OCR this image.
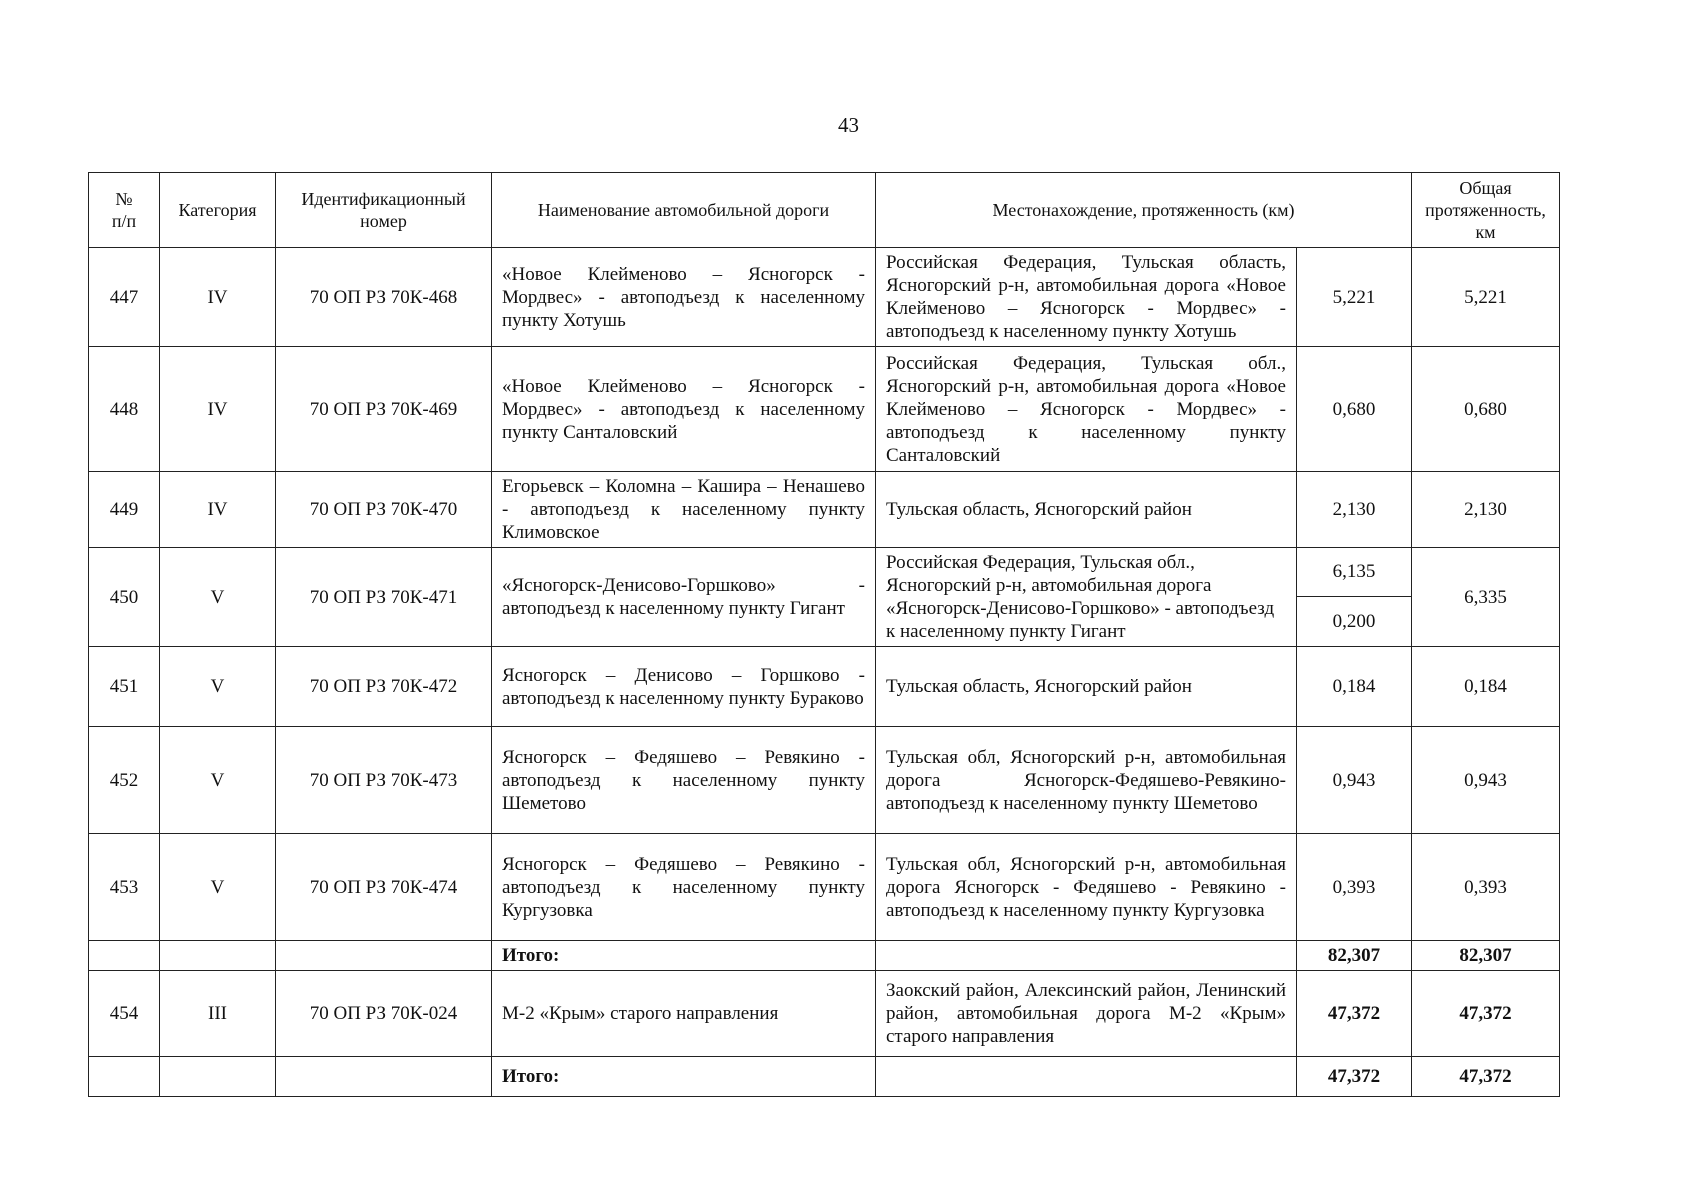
43
№
п/п	Категория	Идентификационный номер	Наименование автомобильной дороги	Местонахождение, протяженность (км)		Общая протяженность, км
447	IV	70 ОП РЗ 70К-468	«Новое Клейменово – Ясногорск - Мордвес» - автоподъезд к населенному пункту Хотушь	Российская Федерация, Тульская область, Ясногорский р-н, автомобильная дорога «Новое Клейменово – Ясногорск - Мордвес» - автоподъезд к населенному пункту Хотушь	5,221	5,221
448	IV	70 ОП РЗ 70К-469	«Новое Клейменово – Ясногорск - Мордвес» - автоподъезд к населенному пункту Санталовский	Российская Федерация, Тульская обл., Ясногорский р-н, автомобильная дорога «Новое Клейменово – Ясногорск - Мордвес» - автоподъезд к населенному пункту Санталовский	0,680	0,680
449	IV	70 ОП РЗ 70К-470	Егорьевск – Коломна – Кашира – Ненашево - автоподъезд к населенному пункту Климовское	Тульская область, Ясногорский район	2,130	2,130
450	V	70 ОП РЗ 70К-471	«Ясногорск-Денисово-Горшково» - автоподъезд к населенному пункту Гигант	Российская Федерация, Тульская обл., Ясногорский р-н, автомобильная дорога «Ясногорск-Денисово-Горшково» - автоподъезд к населенному пункту Гигант	6,135	6,335
					0,200	
451	V	70 ОП РЗ 70К-472	Ясногорск – Денисово – Горшково - автоподъезд к населенному пункту Бураково	Тульская область, Ясногорский район	0,184	0,184
452	V	70 ОП РЗ 70К-473	Ясногорск – Федяшево – Ревякино - автоподъезд к населенному пункту Шеметово	Тульская обл, Ясногорский р-н, автомобильная дорога Ясногорск-Федяшево-Ревякино-автоподъезд к населенному пункту Шеметово	0,943	0,943
453	V	70 ОП РЗ 70К-474	Ясногорск – Федяшево – Ревякино - автоподъезд к населенному пункту Кургузовка	Тульская обл, Ясногорский р-н, автомобильная дорога Ясногорск - Федяшево - Ревякино - автоподъезд к населенному пункту Кургузовка	0,393	0,393
			Итого:		82,307	82,307
454	III	70 ОП РЗ 70К-024	М-2 «Крым» старого направления	Заокский район, Алексинский район, Ленинский район, автомобильная дорога М-2 «Крым» старого направления	47,372	47,372
			Итого:		47,372	47,372
